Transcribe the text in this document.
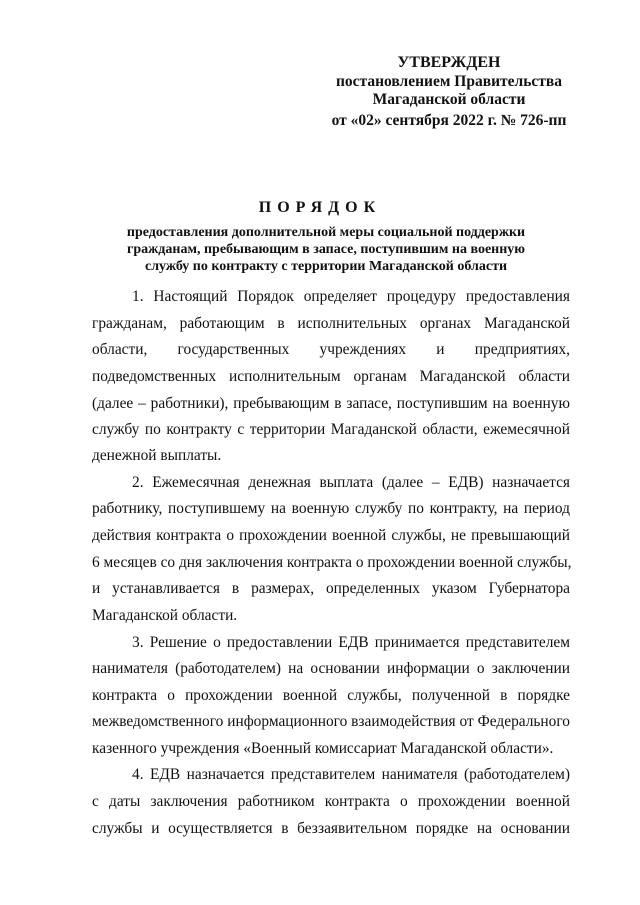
УТВЕРЖДЕН
постановлением Правительства
Магаданской области
от «02» сентября 2022 г. № 726-пп
ПОРЯДОК
предоставления дополнительной меры социальной поддержки
гражданам, пребывающим в запасе, поступившим на военную
службу по контракту с территории Магаданской области
1. Настоящий Порядок определяет процедуру предоставления
гражданам, работающим в исполнительных органах Магаданской
области, государственных учреждениях и предприятиях,
подведомственных исполнительным органам Магаданской области
(далее – работники), пребывающим в запасе, поступившим на военную
службу по контракту с территории Магаданской области, ежемесячной
денежной выплаты.
2. Ежемесячная денежная выплата (далее – ЕДВ) назначается
работнику, поступившему на военную службу по контракту, на период
действия контракта о прохождении военной службы, не превышающий
6 месяцев со дня заключения контракта о прохождении военной службы,
и устанавливается в размерах, определенных указом Губернатора
Магаданской области.
3. Решение о предоставлении ЕДВ принимается представителем
нанимателя (работодателем) на основании информации о заключении
контракта о прохождении военной службы, полученной в порядке
межведомственного информационного взаимодействия от Федерального
казенного учреждения «Военный комиссариат Магаданской области».
4. ЕДВ назначается представителем нанимателя (работодателем)
с даты заключения работником контракта о прохождении военной
службы и осуществляется в беззаявительном порядке на основании
